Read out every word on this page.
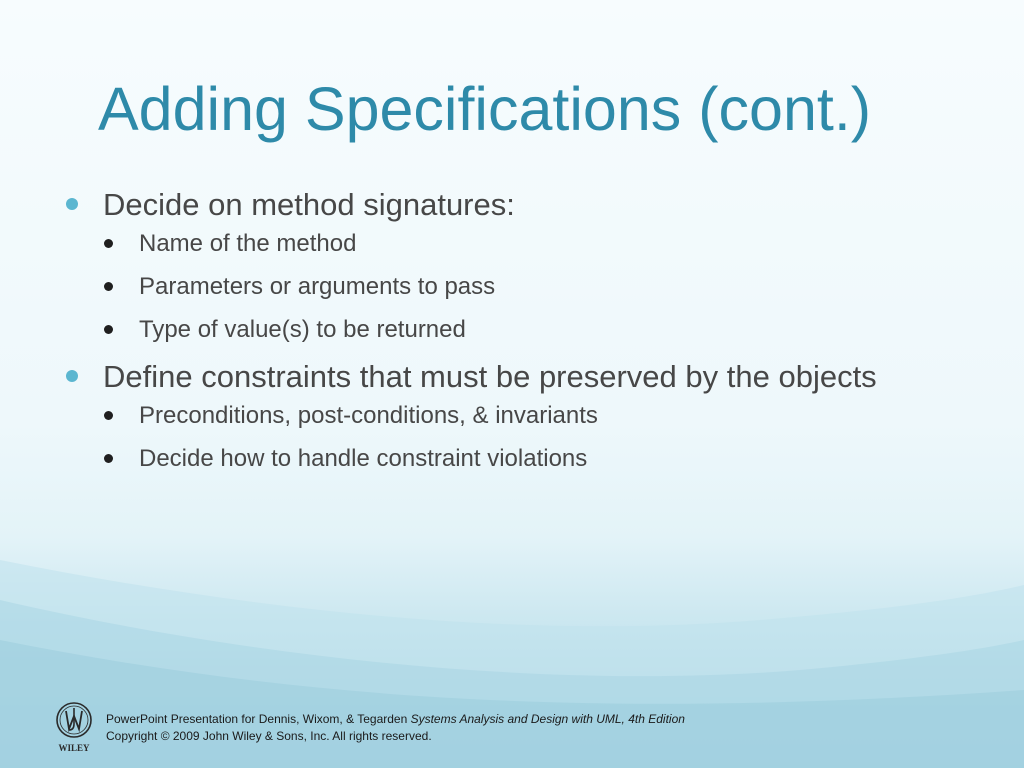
Adding Specifications (cont.)
Decide on method signatures:
Name of the method
Parameters or arguments to pass
Type of value(s) to be returned
Define constraints that must be preserved by the objects
Preconditions, post-conditions, & invariants
Decide how to handle constraint violations
WILEY
PowerPoint Presentation for Dennis, Wixom, & Tegarden Systems Analysis and Design with UML, 4th Edition
Copyright © 2009 John Wiley & Sons, Inc. All rights reserved.
